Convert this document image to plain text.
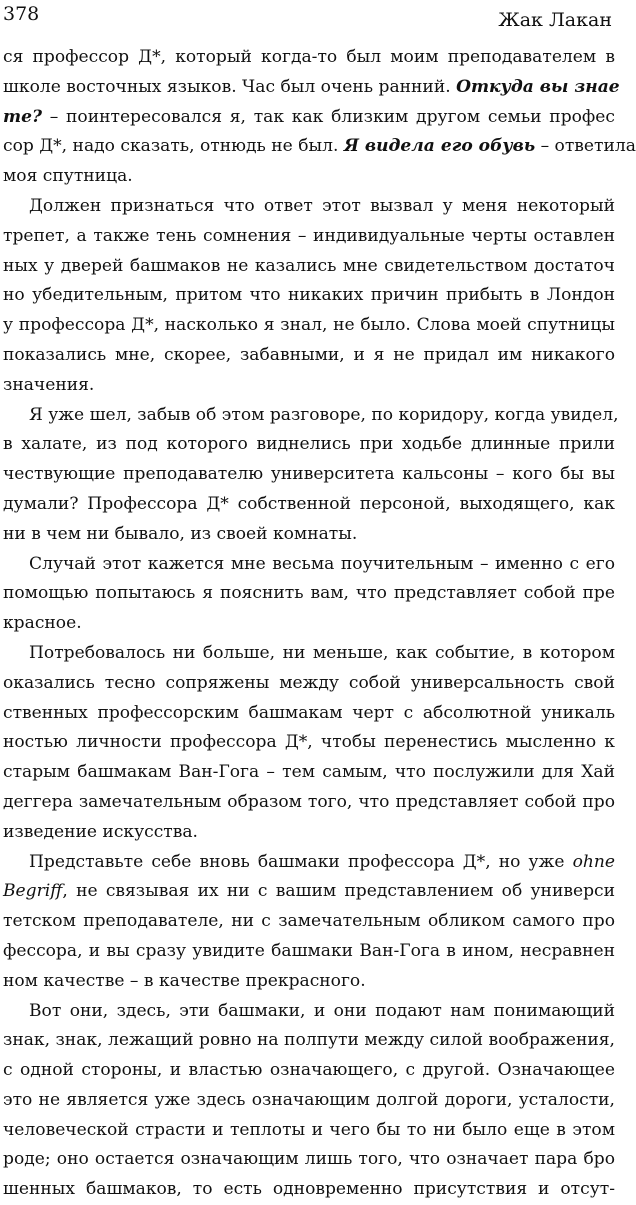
378	Жак Лакан
ся профессор Д*, который когда-то был моим преподавателем в
школе восточных языков. Час был очень ранний. Откуда вы знае
те? – поинтересовался я, так как близким другом семьи профес
сор Д*, надо сказать, отнюдь не был. Я видела его обувь – ответила
моя спутница.
Должен признаться что ответ этот вызвал у меня некоторый
трепет, а также тень сомнения – индивидуальные черты оставлен
ных у дверей башмаков не казались мне свидетельством достаточ
но убедительным, притом что никаких причин прибыть в Лондон
у профессора Д*, насколько я знал, не было. Слова моей спутницы
показались мне, скорее, забавными, и я не придал им никакого
значения.
Я уже шел, забыв об этом разговоре, по коридору, когда увидел,
в халате, из под которого виднелись при ходьбе длинные прили
чествующие преподавателю университета кальсоны – кого бы вы
думали? Профессора Д* собственной персоной, выходящего, как
ни в чем ни бывало, из своей комнаты.
Случай этот кажется мне весьма поучительным – именно с его
помощью попытаюсь я пояснить вам, что представляет собой пре
красное.
Потребовалось ни больше, ни меньше, как событие, в котором
оказались тесно сопряжены между собой универсальность свой
ственных профессорским башмакам черт с абсолютной уникаль
ностью личности профессора Д*, чтобы перенестись мысленно к
старым башмакам Ван-Гога – тем самым, что послужили для Хай
деггера замечательным образом того, что представляет собой про
изведение искусства.
Представьте себе вновь башмаки профессора Д*, но уже ohne
Begriff, не связывая их ни с вашим представлением об универси
тетском преподавателе, ни с замечательным обликом самого про
фессора, и вы сразу увидите башмаки Ван-Гога в ином, несравнен
ном качестве – в качестве прекрасного.
Вот они, здесь, эти башмаки, и они подают нам понимающий
знак, знак, лежащий ровно на полпути между силой воображения,
с одной стороны, и властью означающего, с другой. Означающее
это не является уже здесь означающим долгой дороги, усталости,
человеческой страсти и теплоты и чего бы то ни было еще в этом
роде; оно остается означающим лишь того, что означает пара бро
шенных башмаков, то есть одновременно присутствия и отсут-
